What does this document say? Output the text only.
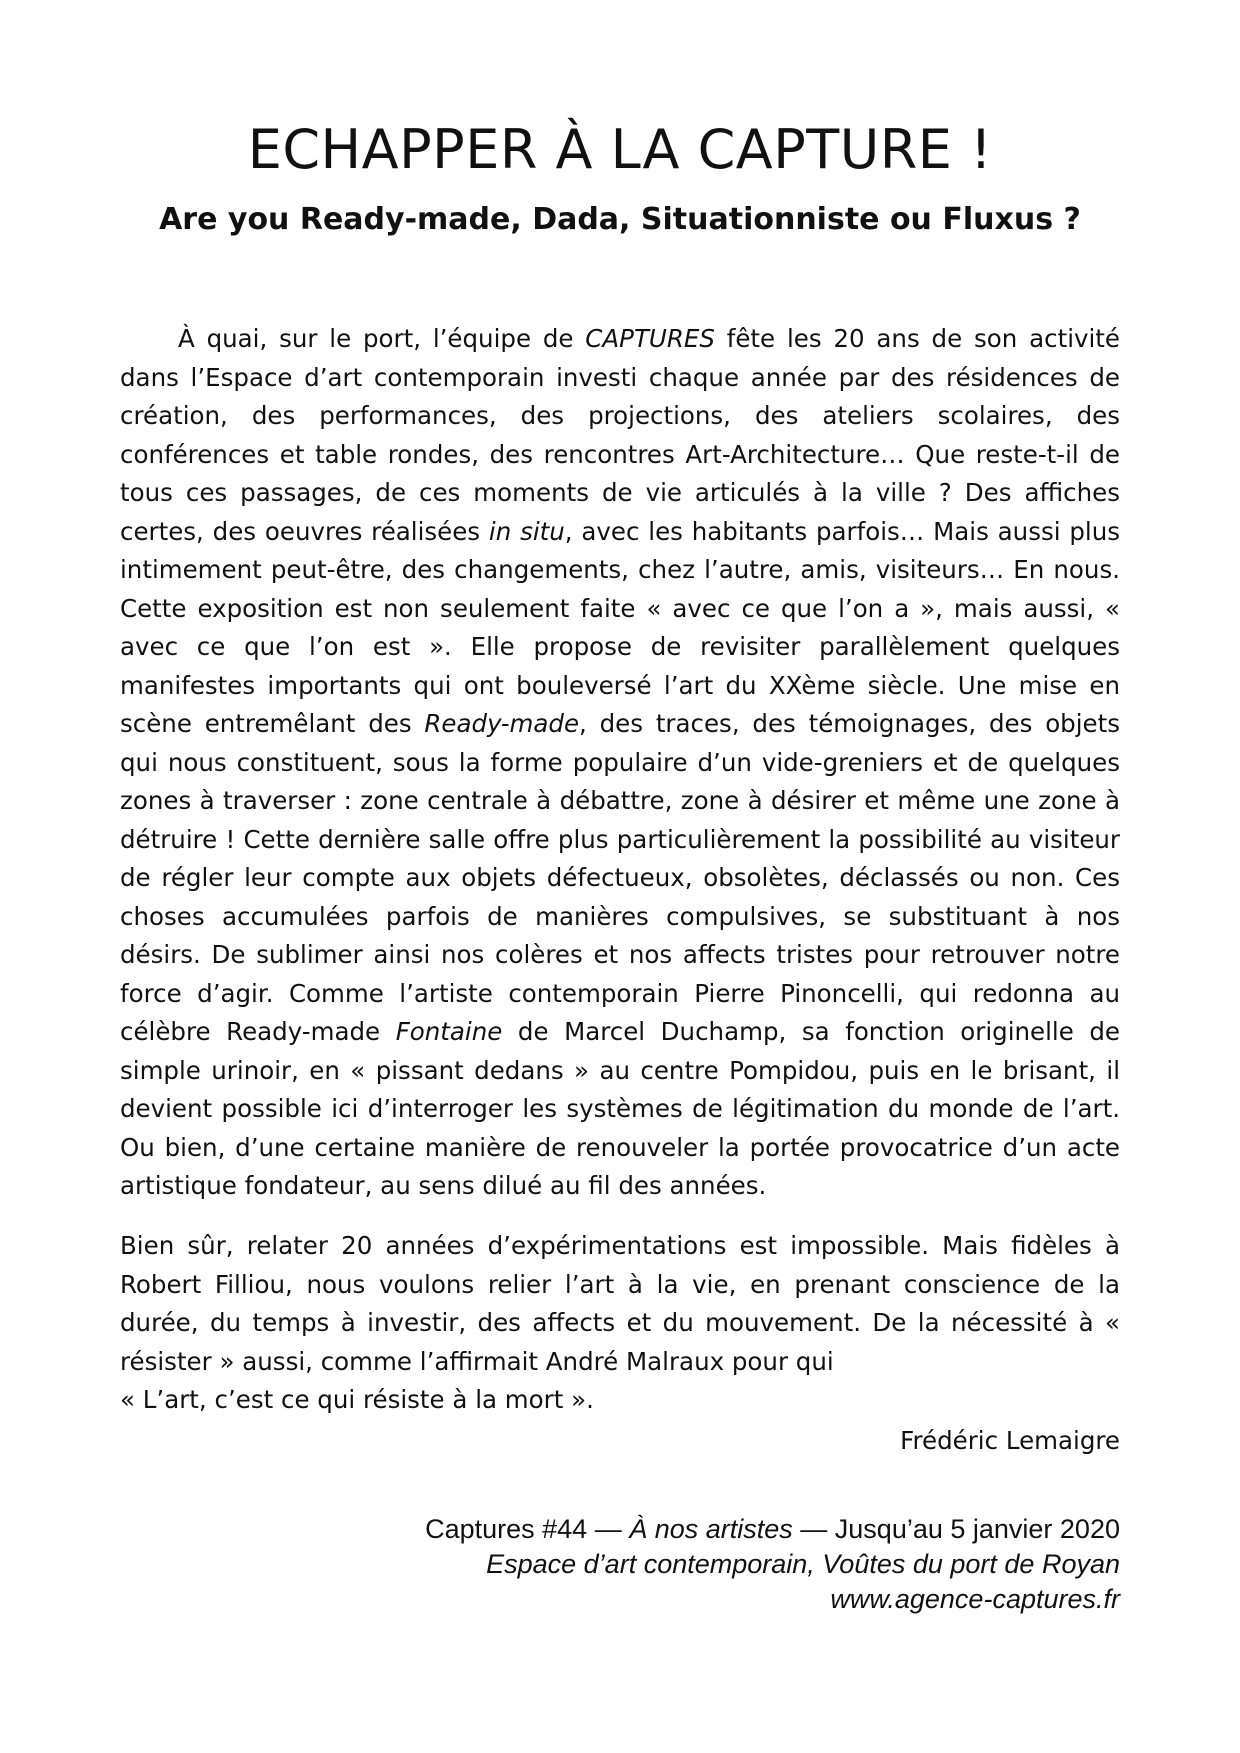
ECHAPPER À LA CAPTURE !
Are you Ready-made, Dada, Situationniste ou Fluxus ?

À quai, sur le port, l’équipe de CAPTURES fête les 20 ans de son activité dans l’Espace d’art contemporain investi chaque année par des résidences de création, des performances, des projections, des ateliers scolaires, des conférences et table rondes, des rencontres Art-Architecture… Que reste-t-il de tous ces passages, de ces moments de vie articulés à la ville ? Des affiches certes, des oeuvres réalisées in situ, avec les habitants parfois… Mais aussi plus intimement peut-être, des changements, chez l’autre, amis, visiteurs… En nous. Cette exposition est non seulement faite « avec ce que l’on a », mais aussi, « avec ce que l’on est ». Elle propose de revisiter parallèlement quelques manifestes importants qui ont bouleversé l’art du XXème siècle. Une mise en scène entremêlant des Ready-made, des traces, des témoignages, des objets qui nous constituent, sous la forme populaire d’un vide-greniers et de quelques zones à traverser : zone centrale à débattre, zone à désirer et même une zone à détruire ! Cette dernière salle offre plus particulièrement la possibilité au visiteur de régler leur compte aux objets défectueux, obsolètes, déclassés ou non. Ces choses accumulées parfois de manières compulsives, se substituant à nos désirs. De sublimer ainsi nos colères et nos affects tristes pour retrouver notre force d’agir. Comme l’artiste contemporain Pierre Pinoncelli, qui redonna au célèbre Ready-made Fontaine de Marcel Duchamp, sa fonction originelle de simple urinoir, en « pissant dedans » au centre Pompidou, puis en le brisant, il devient possible ici d’interroger les systèmes de légitimation du monde de l’art. Ou bien, d’une certaine manière de renouveler la portée provocatrice d’un acte artistique fondateur, au sens dilué au fil des années.

Bien sûr, relater 20 années d’expérimentations est impossible. Mais fidèles à Robert Filliou, nous voulons relier l’art à la vie, en prenant conscience de la durée, du temps à investir, des affects et du mouvement. De la nécessité à « résister » aussi, comme l’affirmait André Malraux pour qui
« L’art, c’est ce qui résiste à la mort ».

Frédéric Lemaigre

Captures #44 — À nos artistes — Jusqu’au 5 janvier 2020
Espace d’art contemporain, Voûtes du port de Royan
www.agence-captures.fr
